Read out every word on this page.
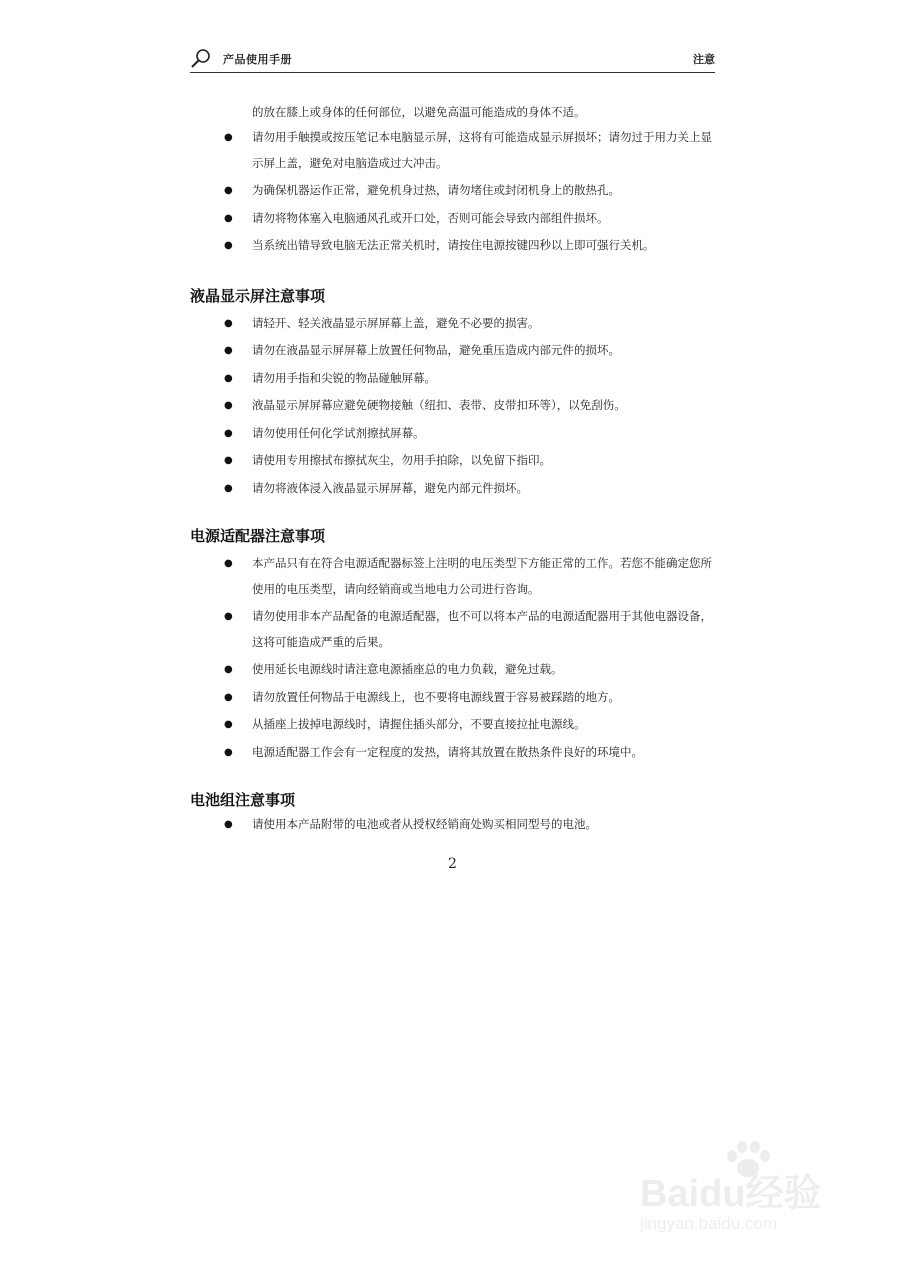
产品使用手册	注意
的放在膝上或身体的任何部位，以避免高温可能造成的身体不适。
● 请勿用手触摸或按压笔记本电脑显示屏，这将有可能造成显示屏损坏；请勿过于用力关上显示屏上盖，避免对电脑造成过大冲击。
● 为确保机器运作正常，避免机身过热，请勿堵住或封闭机身上的散热孔。
● 请勿将物体塞入电脑通风孔或开口处，否则可能会导致内部组件损坏。
● 当系统出错导致电脑无法正常关机时，请按住电源按键四秒以上即可强行关机。
液晶显示屏注意事项
● 请轻开、轻关液晶显示屏屏幕上盖，避免不必要的损害。
● 请勿在液晶显示屏屏幕上放置任何物品，避免重压造成内部元件的损坏。
● 请勿用手指和尖锐的物品碰触屏幕。
● 液晶显示屏屏幕应避免硬物接触（纽扣、表带、皮带扣环等），以免刮伤。
● 请勿使用任何化学试剂擦拭屏幕。
● 请使用专用擦拭布擦拭灰尘，勿用手拍除，以免留下指印。
● 请勿将液体浸入液晶显示屏屏幕，避免内部元件损坏。
电源适配器注意事项
● 本产品只有在符合电源适配器标签上注明的电压类型下方能正常的工作。若您不能确定您所使用的电压类型，请向经销商或当地电力公司进行咨询。
● 请勿使用非本产品配备的电源适配器，也不可以将本产品的电源适配器用于其他电器设备，这将可能造成严重的后果。
● 使用延长电源线时请注意电源插座总的电力负载，避免过载。
● 请勿放置任何物品于电源线上，也不要将电源线置于容易被踩踏的地方。
● 从插座上拔掉电源线时，请握住插头部分，不要直接拉扯电源线。
● 电源适配器工作会有一定程度的发热，请将其放置在散热条件良好的环境中。
电池组注意事项
● 请使用本产品附带的电池或者从授权经销商处购买相同型号的电池。
2
Baidu经验
jingyan.baidu.com
